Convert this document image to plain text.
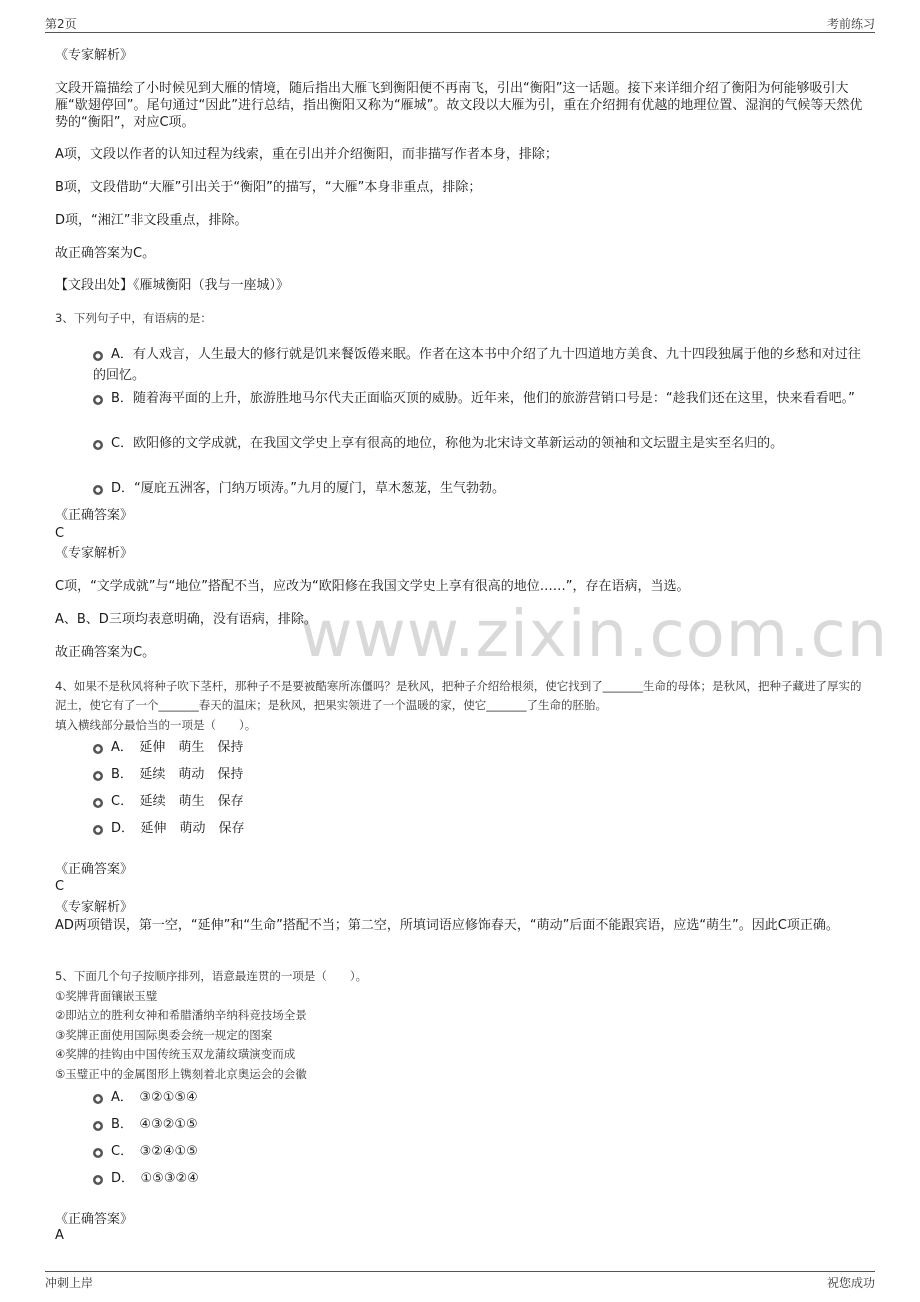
第2页	考前练习
www.zixin.com.cn
《专家解析》
文段开篇描绘了小时候见到大雁的情境，随后指出大雁飞到衡阳便不再南飞，引出“衡阳”这一话题。接下来详细介绍了衡阳为何能够吸引大雁“歇翅停回”。尾句通过“因此”进行总结，指出衡阳又称为“雁城”。故文段以大雁为引，重在介绍拥有优越的地理位置、湿润的气候等天然优势的“衡阳”，对应C项。
A项，文段以作者的认知过程为线索，重在引出并介绍衡阳，而非描写作者本身，排除；
B项，文段借助“大雁”引出关于“衡阳”的描写，“大雁”本身非重点，排除；
D项，“湘江”非文段重点，排除。
故正确答案为C。
【文段出处】《雁城衡阳（我与一座城）》
3、下列句子中，有语病的是：
A．有人戏言，人生最大的修行就是饥来餐饭倦来眠。作者在这本书中介绍了九十四道地方美食、九十四段独属于他的乡愁和对过往的回忆。
B．随着海平面的上升，旅游胜地马尔代夫正面临灭顶的威胁。近年来，他们的旅游营销口号是：“趁我们还在这里，快来看看吧。”
C．欧阳修的文学成就，在我国文学史上享有很高的地位，称他为北宋诗文革新运动的领袖和文坛盟主是实至名归的。
D．“厦庇五洲客，门纳万顷涛。”九月的厦门，草木葱茏，生气勃勃。
《正确答案》
C
《专家解析》
C项，“文学成就”与“地位”搭配不当，应改为“欧阳修在我国文学史上享有很高的地位……”，存在语病，当选。
A、B、D三项均表意明确，没有语病，排除。
故正确答案为C。
4、如果不是秋风将种子吹下茎杆，那种子不是要被酷寒所冻僵吗？是秋风，把种子介绍给根须，使它找到了_______生命的母体；是秋风，把种子藏进了厚实的泥土，使它有了一个_______春天的温床；是秋风，把果实领进了一个温暖的家，使它_______了生命的胚胎。
填入横线部分最恰当的一项是（　　）。
A．　延伸　萌生　保持
B．　延续　萌动　保持
C．　延续　萌生　保存
D．　延伸　萌动　保存
《正确答案》
C
《专家解析》
AD两项错误，第一空，“延伸”和“生命”搭配不当；第二空，所填词语应修饰春天，“萌动”后面不能跟宾语，应选“萌生”。因此C项正确。
5、下面几个句子按顺序排列，语意最连贯的一项是（　　）。
①奖牌背面镶嵌玉璧
②即站立的胜利女神和希腊潘纳辛纳科竞技场全景
③奖牌正面使用国际奥委会统一规定的图案
④奖牌的挂钩由中国传统玉双龙蒲纹璜演变而成
⑤玉璧正中的金属图形上镌刻着北京奥运会的会徽
A．　③②①⑤④
B．　④③②①⑤
C．　③②④①⑤
D．　①⑤③②④
《正确答案》
A
冲刺上岸	祝您成功
